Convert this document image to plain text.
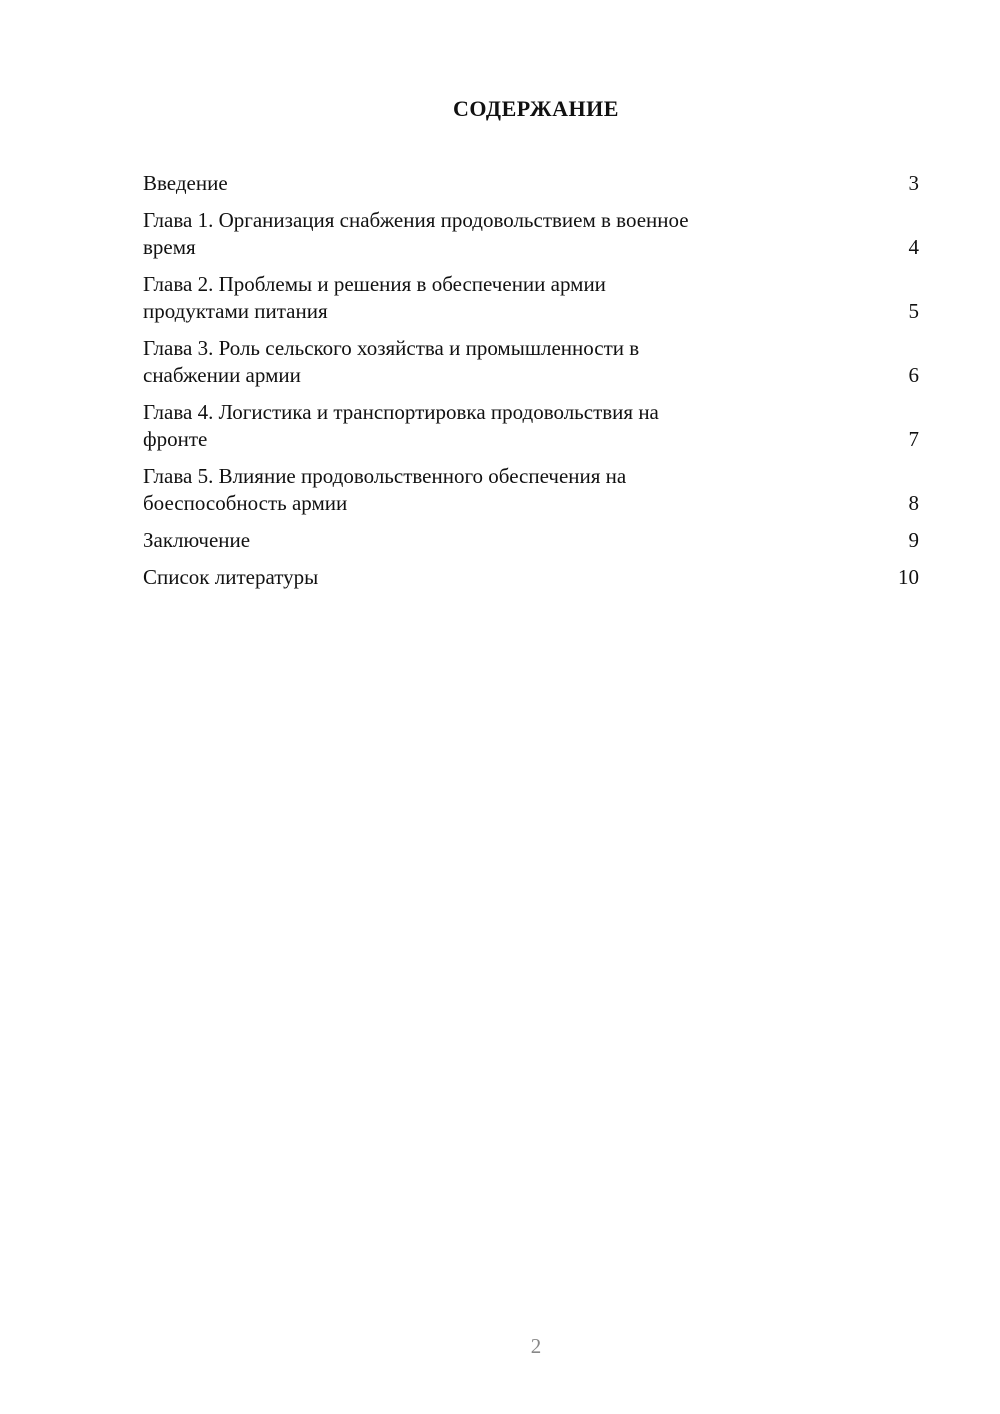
СОДЕРЖАНИЕ
Введение	3
Глава 1. Организация снабжения продовольствием в военное
время	4
Глава 2. Проблемы и решения в обеспечении армии
продуктами питания	5
Глава 3. Роль сельского хозяйства и промышленности в
снабжении армии	6
Глава 4. Логистика и транспортировка продовольствия на
фронте	7
Глава 5. Влияние продовольственного обеспечения на
боеспособность армии	8
Заключение	9
Список литературы	10
2
